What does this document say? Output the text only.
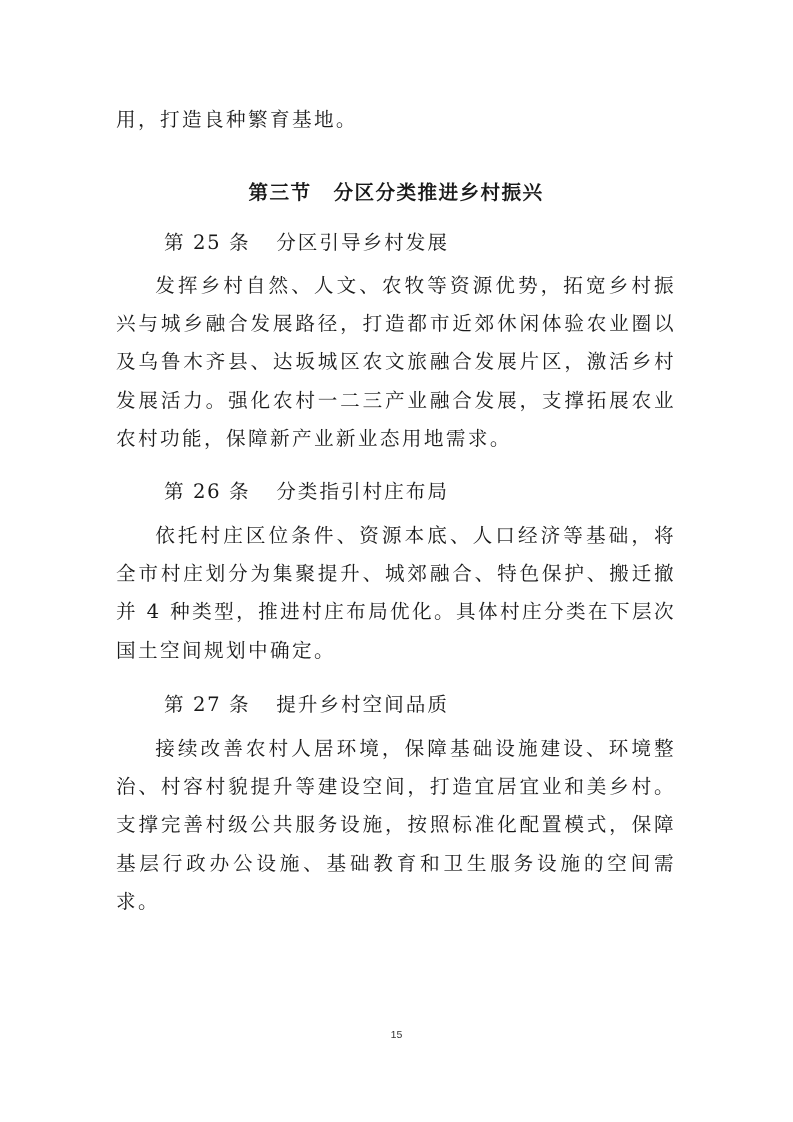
用，打造良种繁育基地。

第三节 分区分类推进乡村振兴

第 25 条 分区引导乡村发展

发挥乡村自然、人文、农牧等资源优势，拓宽乡村振兴与城乡融合发展路径，打造都市近郊休闲体验农业圈以及乌鲁木齐县、达坂城区农文旅融合发展片区，激活乡村发展活力。强化农村一二三产业融合发展，支撑拓展农业农村功能，保障新产业新业态用地需求。

第 26 条 分类指引村庄布局

依托村庄区位条件、资源本底、人口经济等基础，将全市村庄划分为集聚提升、城郊融合、特色保护、搬迁撤并 4 种类型，推进村庄布局优化。具体村庄分类在下层次国土空间规划中确定。

第 27 条 提升乡村空间品质

接续改善农村人居环境，保障基础设施建设、环境整治、村容村貌提升等建设空间，打造宜居宜业和美乡村。支撑完善村级公共服务设施，按照标准化配置模式，保障基层行政办公设施、基础教育和卫生服务设施的空间需求。

15
